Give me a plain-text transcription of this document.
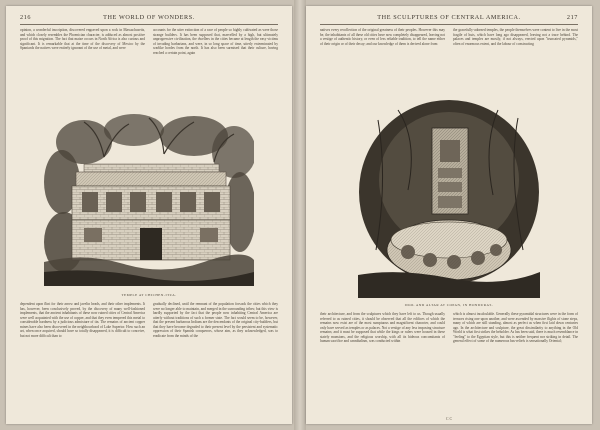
216	THE WORLD OF WONDERS.
opinion, a wonderful inscription, discovered engraved upon a rock in Massachusetts, and which closely resembles the Phoenician character, is adduced as almost positive proof of this migration. The fact that maize occurs in North Africa is also curious and significant. It is remarkable that at the time of the discovery of Mexico by the Spaniards the natives were entirely ignorant of the use of metal, and were
accounts for the utter extinction of a race of people so highly cultivated as were those strange builders. It has been supposed that, marvelled by a high, but ultimately unprogressive civilization, the dwellers in the cities became at length the easy victims of invading barbarians, and were, in so long space of time, utterly exterminated by warlike hordes from the north. It has also been surmised that their culture, having reached a certain point, again
TEMPLE AT CHICHEN-ITZA.
dependent upon flint for their arrow and javelin heads, and their other implements. It has, however, been conclusively proved, by the discovery of many well-fashioned implements, that the ancient inhabitants of these now ruined cities of Central America were well acquainted with the use of copper, and that they even tempered this metal to considerable hardness by a judicious admixture of tin. The remains of ancient copper mines have also been discovered in the neighbourhood of Lake Superior. How such an art, when once acquired, should have so totally disappeared, it is difficult to conceive, but not more difficult than to
gradually declined, until the remnant of the population forsook the cities which they were no longer able to maintain, and merged in the surrounding tribes; but this view is hardly supported by the fact that the people now inhabiting Central America are utterly without traditions of such a former state. The fact would seem to be, however, that the present barbarous Indians are the descendants of the original city-builders, but that they have become degraded to their present level by the persistent and systematic oppression of their Spanish conquerors, whose aim, as they acknowledged, was to eradicate from the minds of the
THE SCULPTURES OF CENTRAL AMERICA.	217
natives every recollection of the original greatness of their peoples. However this may be, the inhabitants of all these old cities have now completely disappeared, leaving not a vestige of authentic history, or even of less reliable tradition, to tell the name either of their origin or of their decay; and our knowledge of them is derived alone from
the gracefully-adorned temples, the people themselves were content to live in the most fragile of huts, which have long ago disappeared, leaving not a trace behind. The palaces and temples are mostly, if not always, erected upon "truncated pyramids," often of enormous extent, and the labour of constructing
IDOL AND ALTAR AT COPAN, IN HONDURAS.
their architecture, and from the sculptures which they have left to us. Though usually referred to as ruined cities, it should be observed that all the edifices of which the remains now exist are of the most sumptuous and magnificent character, and could only have served as temples or as palaces. Not a vestige of any less imposing structure remains; and it must be supposed that while the kings or rulers were housed in these stately mansions, and the religious worship, with all its hideous concomitants of human sacrifice and cannibalism, was conducted within
which is almost incalculable. Generally these pyramidal structures were in the form of terraces rising one upon another, and were ascended by massive flights of stone steps, many of which are still standing, almost as perfect as when first laid down centuries ago. In the architecture and sculpture, the great dissimilarity to anything in the Old World is what first strikes the beholder. As has been said, there is much resemblance in "feeling" to the Egyptian style, but this is neither frequent nor striking in detail. The general effect of some of the numerous bas-reliefs is sensationally Oriental;
C C
